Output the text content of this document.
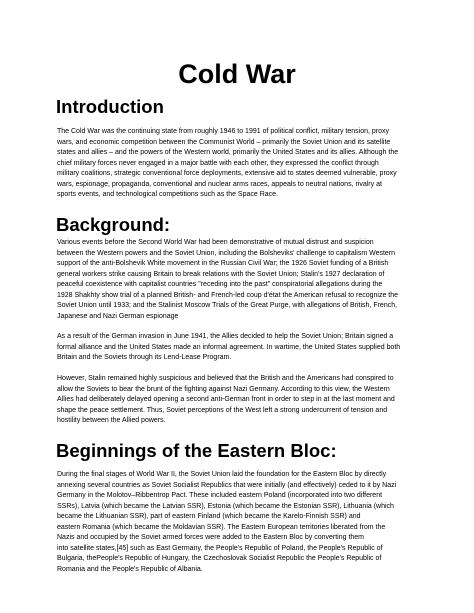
Cold War
Introduction
The Cold War was the continuing state from roughly 1946 to 1991 of political conflict, military tension, proxy
wars, and economic competition between the Communist World – primarily the Soviet Union and its satellite
states and allies – and the powers of the Western world, primarily the United States and its allies. Although the
chief military forces never engaged in a major battle with each other, they expressed the conflict through
military coalitions, strategic conventional force deployments, extensive aid to states deemed vulnerable, proxy
wars, espionage, propaganda, conventional and nuclear arms races, appeals to neutral nations, rivalry at
sports events, and technological competitions such as the Space Race.
Background:
Various events before the Second World War had been demonstrative of mutual distrust and suspicion
between the Western powers and the Soviet Union, including the Bolsheviks' challenge to capitalism Western
support of the anti-Bolshevik White movement in the Russian Civil War; the 1926 Soviet funding of a British
general workers strike causing Britain to break relations with the Soviet Union; Stalin's 1927 declaration of
peaceful coexistence with capitalist countries "receding into the past" conspiratorial allegations during the
1928 Shakhty show trial of a planned British- and French-led coup d'état the American refusal to recognize the
Soviet Union until 1933; and the Stalinist Moscow Trials of the Great Purge, with allegations of British, French,
Japanese and Nazi German espionage
As a result of the German invasion in June 1941, the Allies decided to help the Soviet Union; Britain signed a
formal alliance and the United States made an informal agreement. In wartime, the United States supplied both
Britain and the Soviets through its Lend-Lease Program.
However, Stalin remained highly suspicious and believed that the British and the Americans had conspired to
allow the Soviets to bear the brunt of the fighting against Nazi Germany. According to this view, the Western
Allies had deliberately delayed opening a second anti-German front in order to step in at the last moment and
shape the peace settlement. Thus, Soviet perceptions of the West left a strong undercurrent of tension and
hostility between the Allied powers.
Beginnings of the Eastern Bloc:
During the final stages of World War II, the Soviet Union laid the foundation for the Eastern Bloc by directly
annexing several countries as Soviet Socialist Republics that were initially (and effectively) ceded to it by Nazi
Germany in the Molotov–Ribbentrop Pact. These included eastern Poland (incorporated into two different
SSRs), Latvia (which became the Latvian SSR), Estonia (which became the Estonian SSR), Lithuania (which
became the Lithuanian SSR), part of eastern Finland (which became the Karelo-Finnish SSR) and
eastern Romania (which became the Moldavian SSR). The Eastern European territories liberated from the
Nazis and occupied by the Soviet armed forces were added to the Eastern Bloc by converting them
into satellite states,[45] such as East Germany, the People's Republic of Poland, the People's Republic of
Bulgaria, thePeople's Republic of Hungary, the Czechoslovak Socialist Republic the People's Republic of
Romania and the People's Republic of Albania.
